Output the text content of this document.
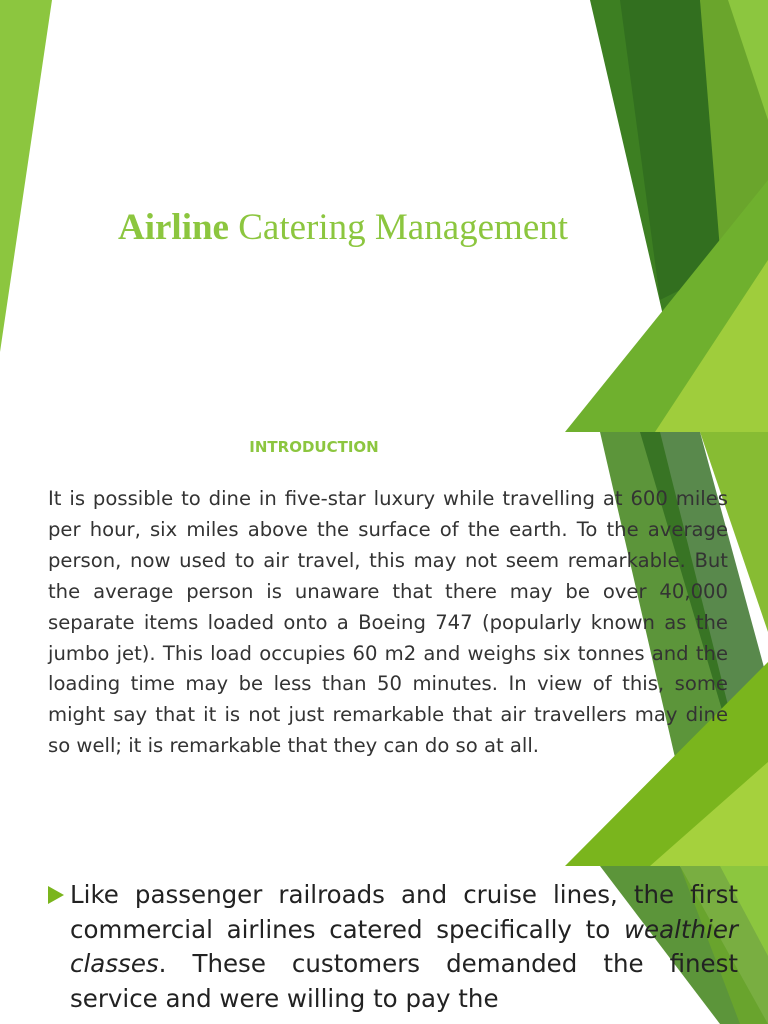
Airline Catering Management
INTRODUCTION

It is possible to dine in five-star luxury while travelling at 600 miles per hour, six miles above the surface of the earth. To the average person, now used to air travel, this may not seem remarkable. But the average person is unaware that there may be over 40,000 separate items loaded onto a Boeing 747 (popularly known as the jumbo jet). This load occupies 60 m2 and weighs six tonnes and the loading time may be less than 50 minutes. In view of this, some might say that it is not just remarkable that air travellers may dine so well; it is remarkable that they can do so at all.

Like passenger railroads and cruise lines, the first commercial airlines catered specifically to wealthier classes. These customers demanded the finest service and were willing to pay the
